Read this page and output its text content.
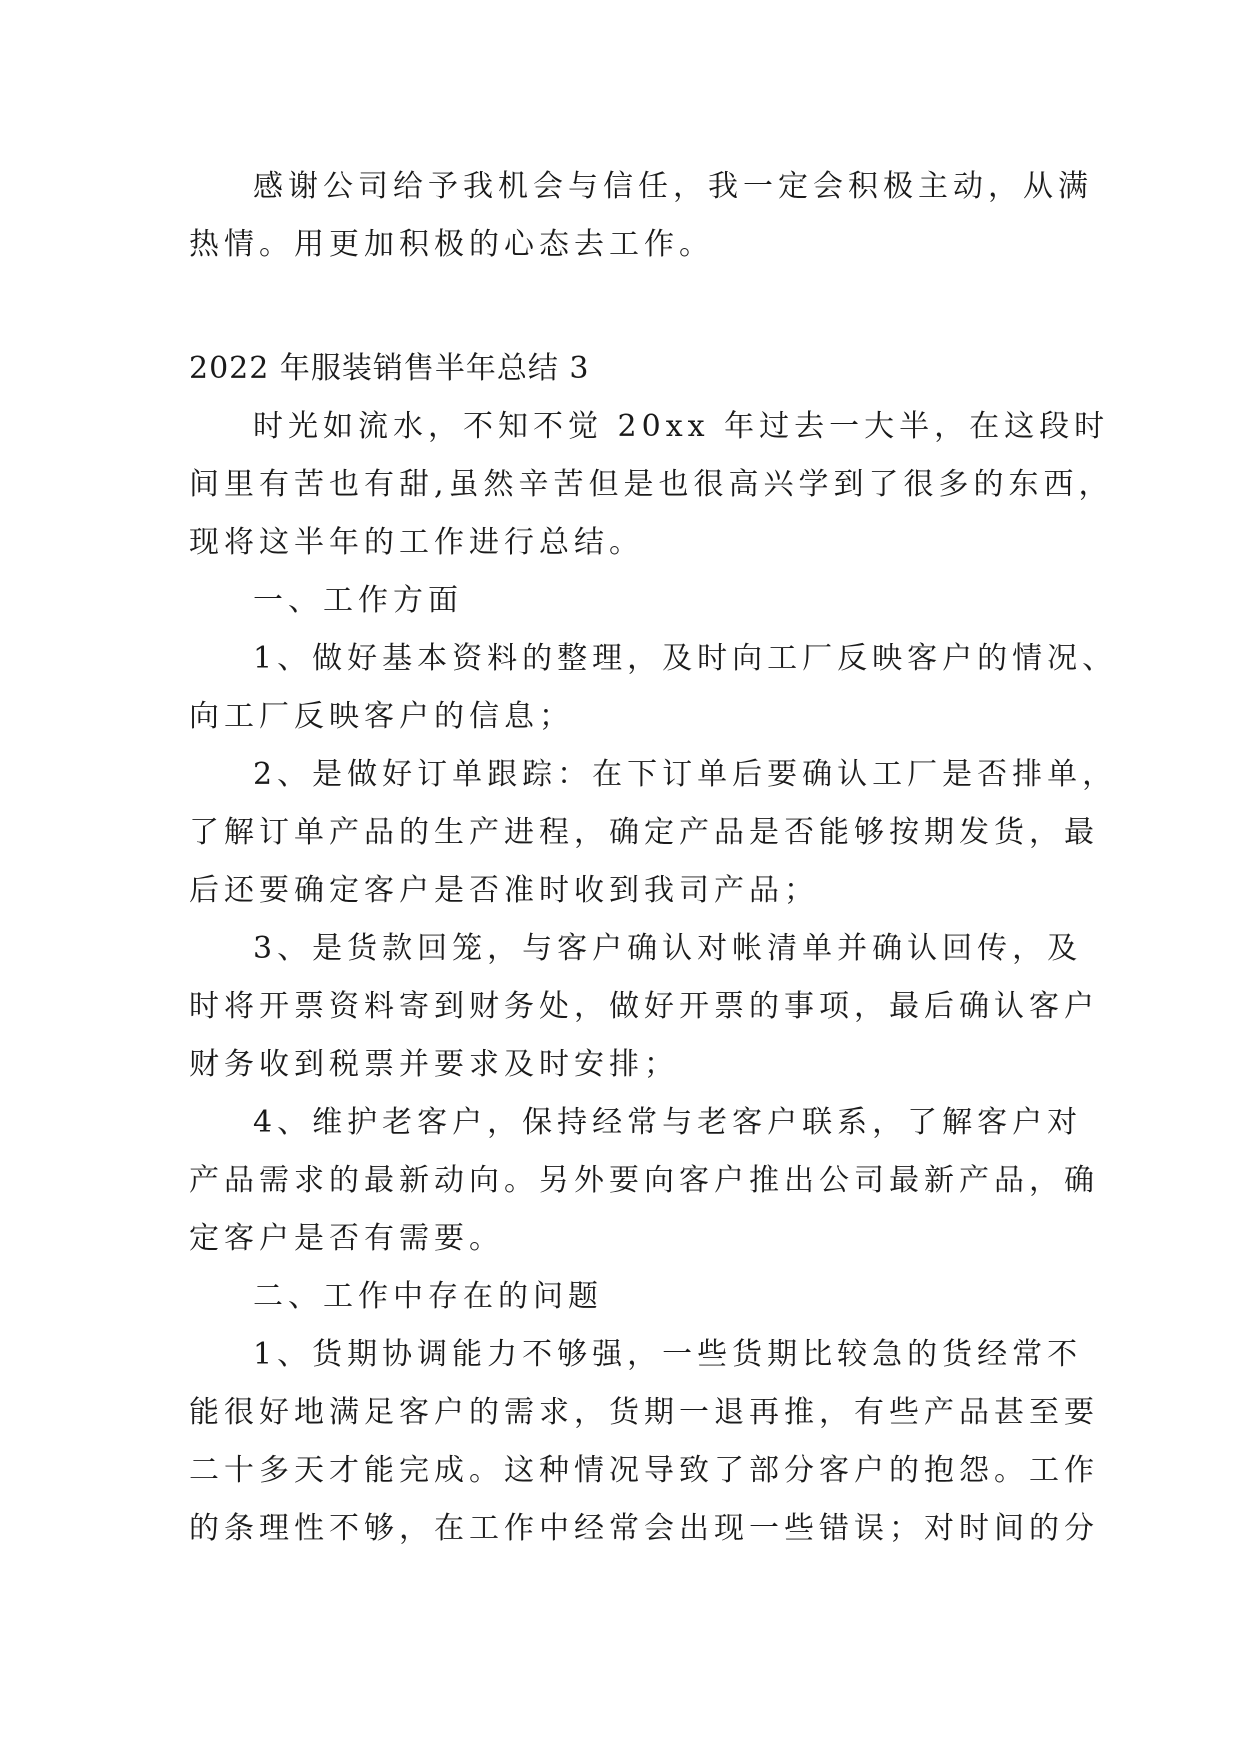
感谢公司给予我机会与信任，我一定会积极主动，从满
热情。用更加积极的心态去工作。

2022 年服装销售半年总结 3

时光如流水，不知不觉 20xx 年过去一大半，在这段时
间里有苦也有甜,虽然辛苦但是也很高兴学到了很多的东西，
现将这半年的工作进行总结。

一、工作方面

1、做好基本资料的整理，及时向工厂反映客户的情况、
向工厂反映客户的信息；

2、是做好订单跟踪：在下订单后要确认工厂是否排单，
了解订单产品的生产进程，确定产品是否能够按期发货，最
后还要确定客户是否准时收到我司产品；

3、是货款回笼，与客户确认对帐清单并确认回传，及
时将开票资料寄到财务处，做好开票的事项，最后确认客户
财务收到税票并要求及时安排；

4、维护老客户，保持经常与老客户联系，了解客户对
产品需求的最新动向。另外要向客户推出公司最新产品，确
定客户是否有需要。

二、工作中存在的问题

1、货期协调能力不够强，一些货期比较急的货经常不
能很好地满足客户的需求，货期一退再推，有些产品甚至要
二十多天才能完成。这种情况导致了部分客户的抱怨。工作
的条理性不够，在工作中经常会出现一些错误；对时间的分
